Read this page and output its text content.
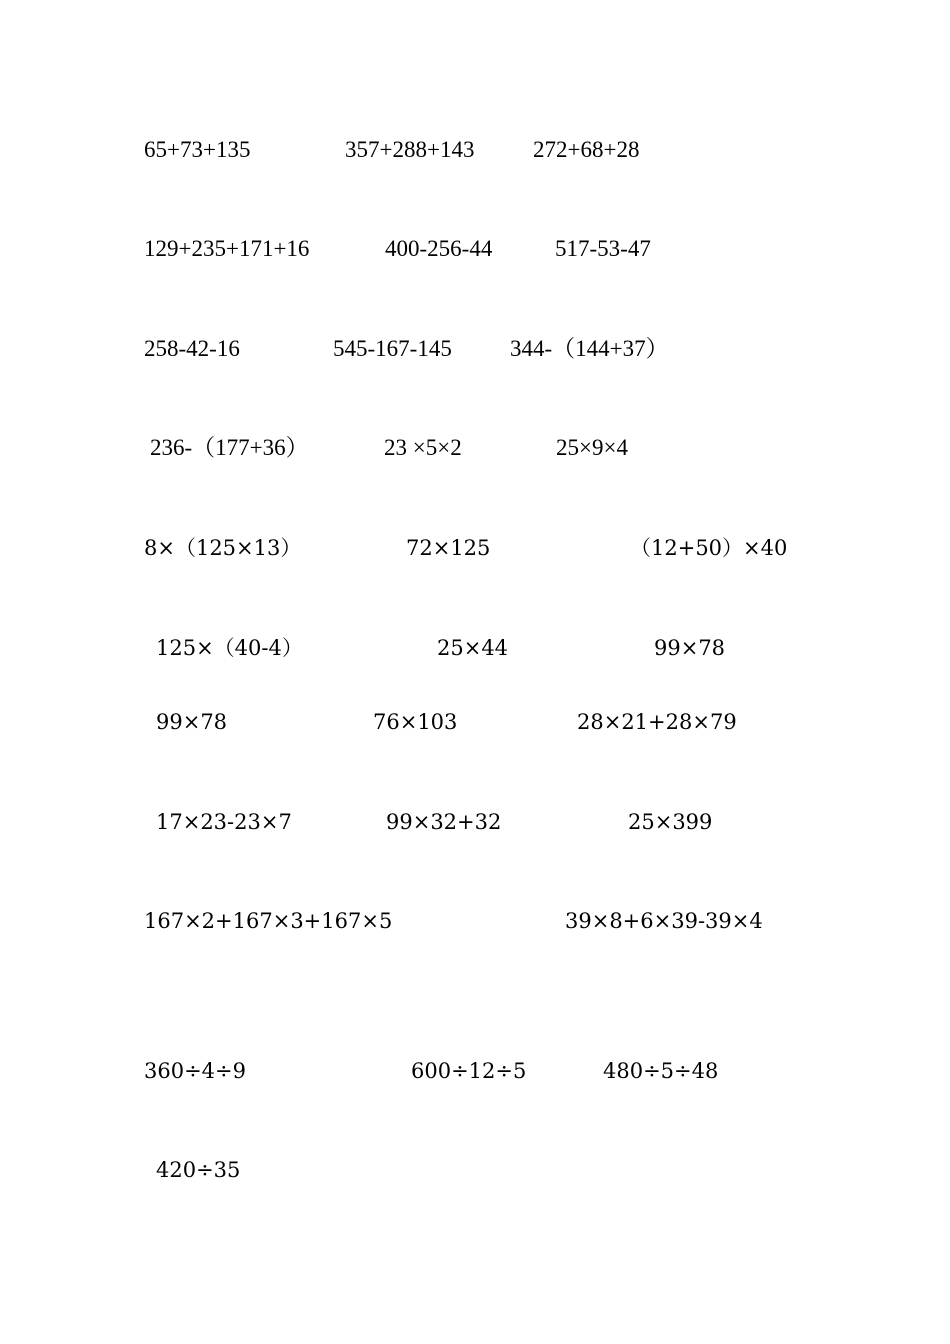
65+73+135	357+288+143	272+68+28
129+235+171+16	400-256-44	517-53-47
258-42-16	545-167-145	344-（144+37）
236-（177+36）	23 ×5×2	25×9×4
8×（125×13）	72×125	（12+50）×40
125×（40-4）	25×44	99×78
99×78	76×103	28×21+28×79
17×23-23×7	99×32+32	25×399
167×2+167×3+167×5	39×8+6×39-39×4
360÷4÷9	600÷12÷5	480÷5÷48
420÷35
